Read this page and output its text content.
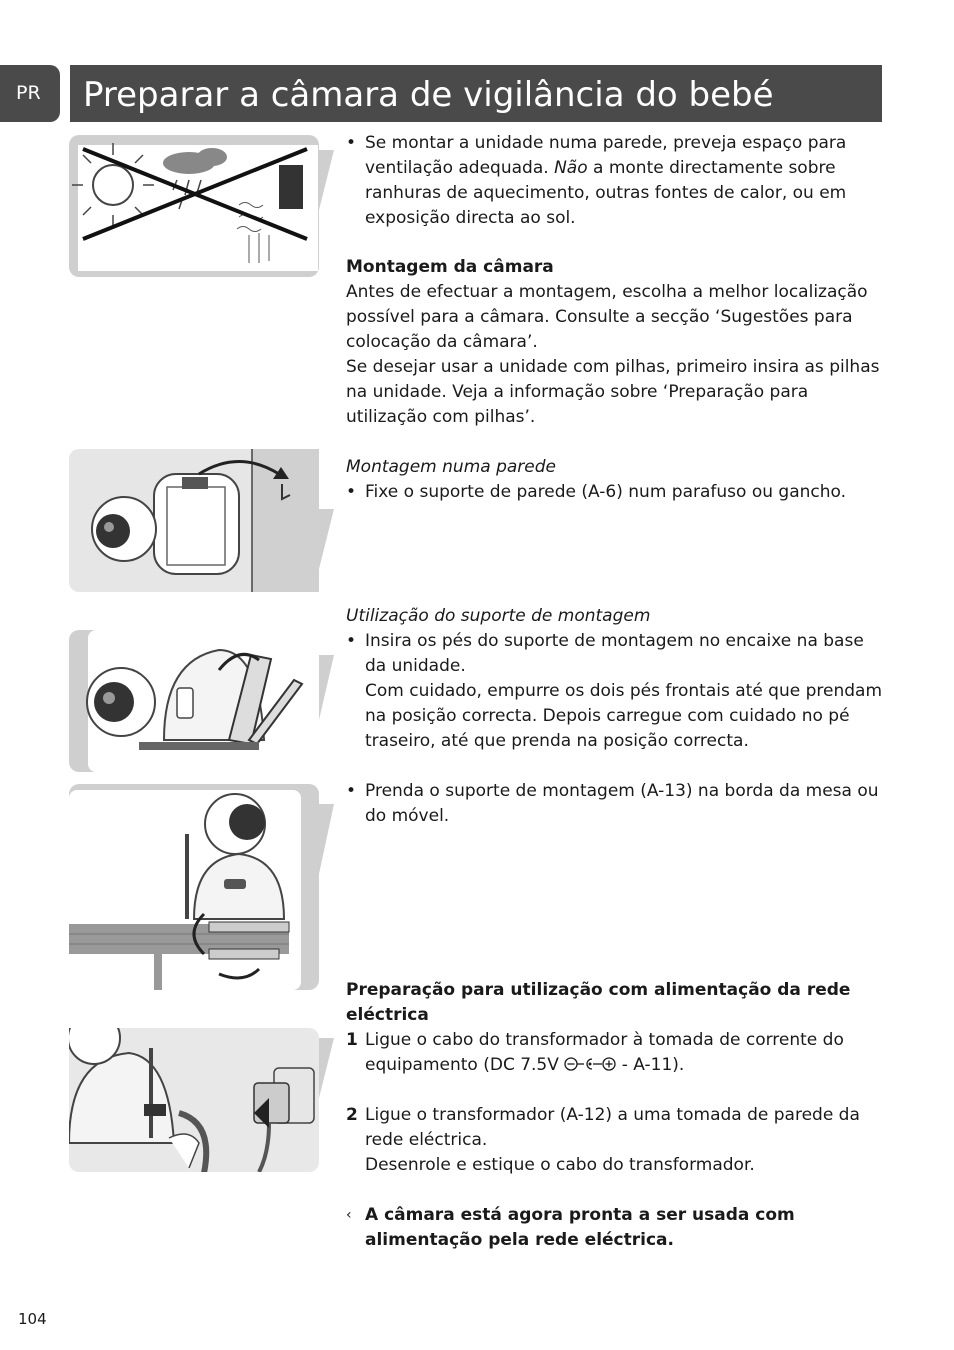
PR	Preparar a câmara de vigilância do bebé

• Se montar a unidade numa parede, preveja espaço para ventilação adequada. Não a monte directamente sobre ranhuras de aquecimento, outras fontes de calor, ou em exposição directa ao sol.

Montagem da câmara

Antes de efectuar a montagem, escolha a melhor localização possível para a câmara. Consulte a secção ‘Sugestões para colocação da câmara’.

Se desejar usar a unidade com pilhas, primeiro insira as pilhas na unidade. Veja a informação sobre ‘Preparação para utilização com pilhas’.

Montagem numa parede

• Fixe o suporte de parede (A-6) num parafuso ou gancho.

Utilização do suporte de montagem

• Insira os pés do suporte de montagem no encaixe na base da unidade.

Com cuidado, empurre os dois pés frontais até que prendam na posição correcta. Depois carregue com cuidado no pé traseiro, até que prenda na posição correcta.

• Prenda o suporte de montagem (A-13) na borda da mesa ou do móvel.

Preparação para utilização com alimentação da rede eléctrica

1 Ligue o cabo do transformador à tomada de corrente do equipamento (DC 7.5V	- A-11).

2 Ligue o transformador (A-12) a uma tomada de parede da rede eléctrica.

Desenrole e estique o cabo do transformador.

‹ A câmara está agora pronta a ser usada com alimentação pela rede eléctrica.

104
